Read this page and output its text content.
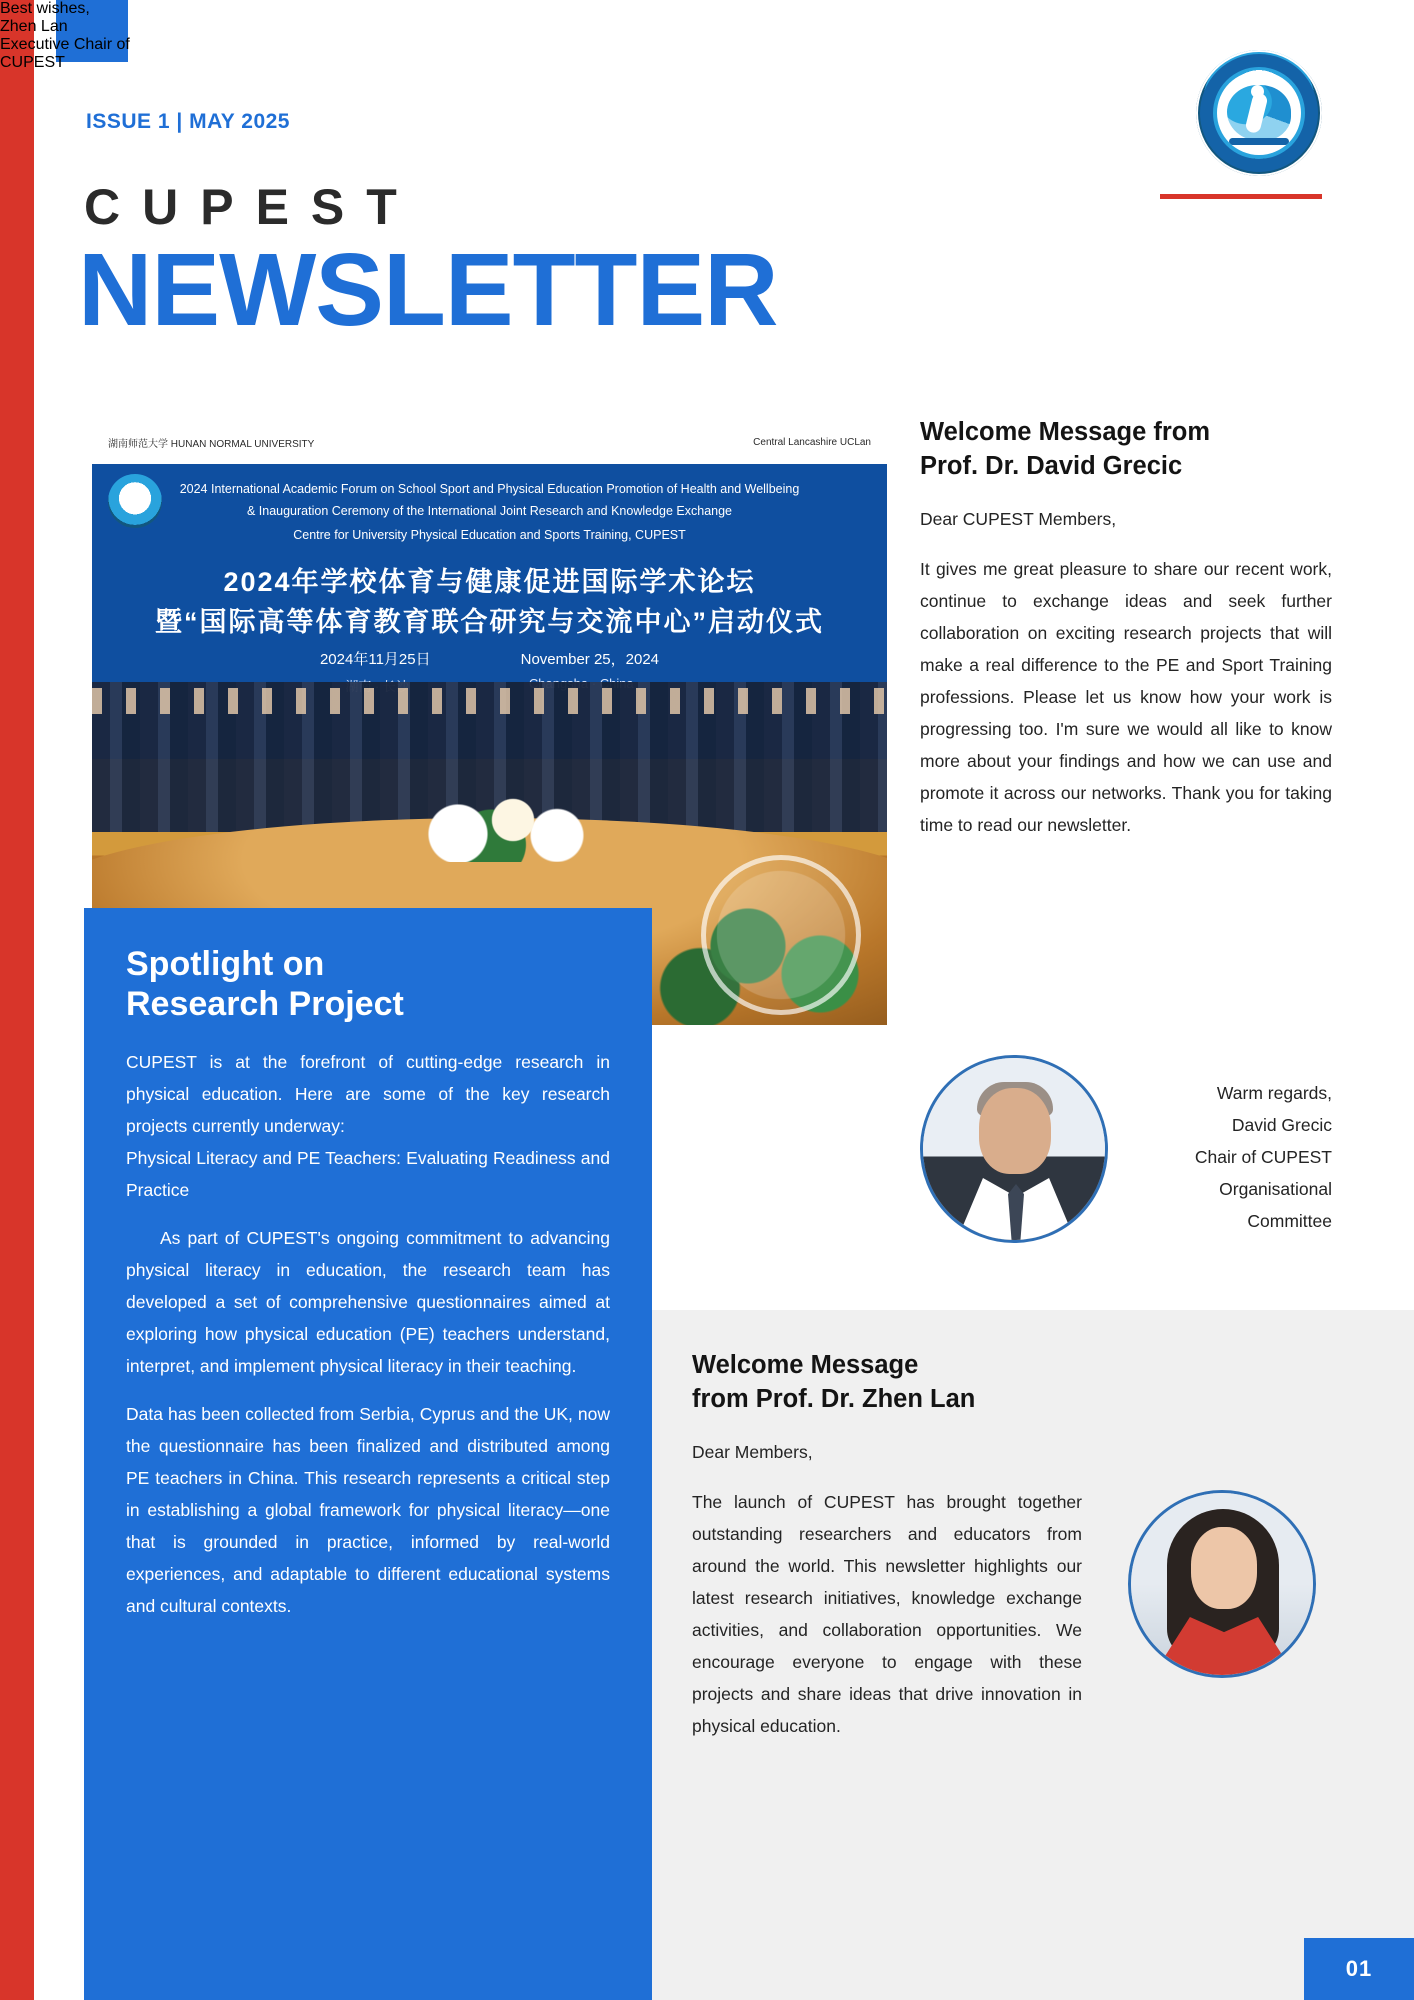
ISSUE 1 | MAY 2025
CUPEST
NEWSLETTER
湖南师范大学 HUNAN NORMAL UNIVERSITY	Central Lancashire UCLan
2024 International Academic Forum on School Sport and Physical Education Promotion of Health and Wellbeing
& Inauguration Ceremony of the International Joint Research and Knowledge Exchange
Centre for University Physical Education and Sports Training, CUPEST
2024年学校体育与健康促进国际学术论坛
暨“国际高等体育教育联合研究与交流中心”启动仪式
2024年11月25日	November 25，2024
Spotlight on
Research Project

CUPEST is at the forefront of cutting-edge research in physical education. Here are some of the key research projects currently underway:

Physical Literacy and PE Teachers: Evaluating Readiness and Practice

As part of CUPEST's ongoing commitment to advancing physical literacy in education, the research team has developed a set of comprehensive questionnaires aimed at exploring how physical education (PE) teachers understand, interpret, and implement physical literacy in their teaching.

Data has been collected from Serbia, Cyprus and the UK, now the questionnaire has been finalized and distributed among PE teachers in China. This research represents a critical step in establishing a global framework for physical literacy—one that is grounded in practice, informed by real-world experiences, and adaptable to different educational systems and cultural contexts.

Welcome Message from
Prof. Dr. David Grecic

Dear CUPEST Members,

It gives me great pleasure to share our recent work, continue to exchange ideas and seek further collaboration on exciting research projects that will make a real difference to the PE and Sport Training professions. Please let us know how your work is progressing too. I'm sure we would all like to know more about your findings and how we can use and promote it across our networks. Thank you for taking time to read our newsletter.

Warm regards,
David Grecic
Chair of CUPEST
Organisational
Committee
Welcome Message
from Prof. Dr. Zhen Lan

Dear Members,

The launch of CUPEST has brought together outstanding researchers and educators from around the world. This newsletter highlights our latest research initiatives, knowledge exchange activities, and collaboration opportunities. We encourage everyone to engage with these projects and share ideas that drive innovation in physical education.

Best wishes,
Zhen Lan
Executive Chair of
CUPEST
01
